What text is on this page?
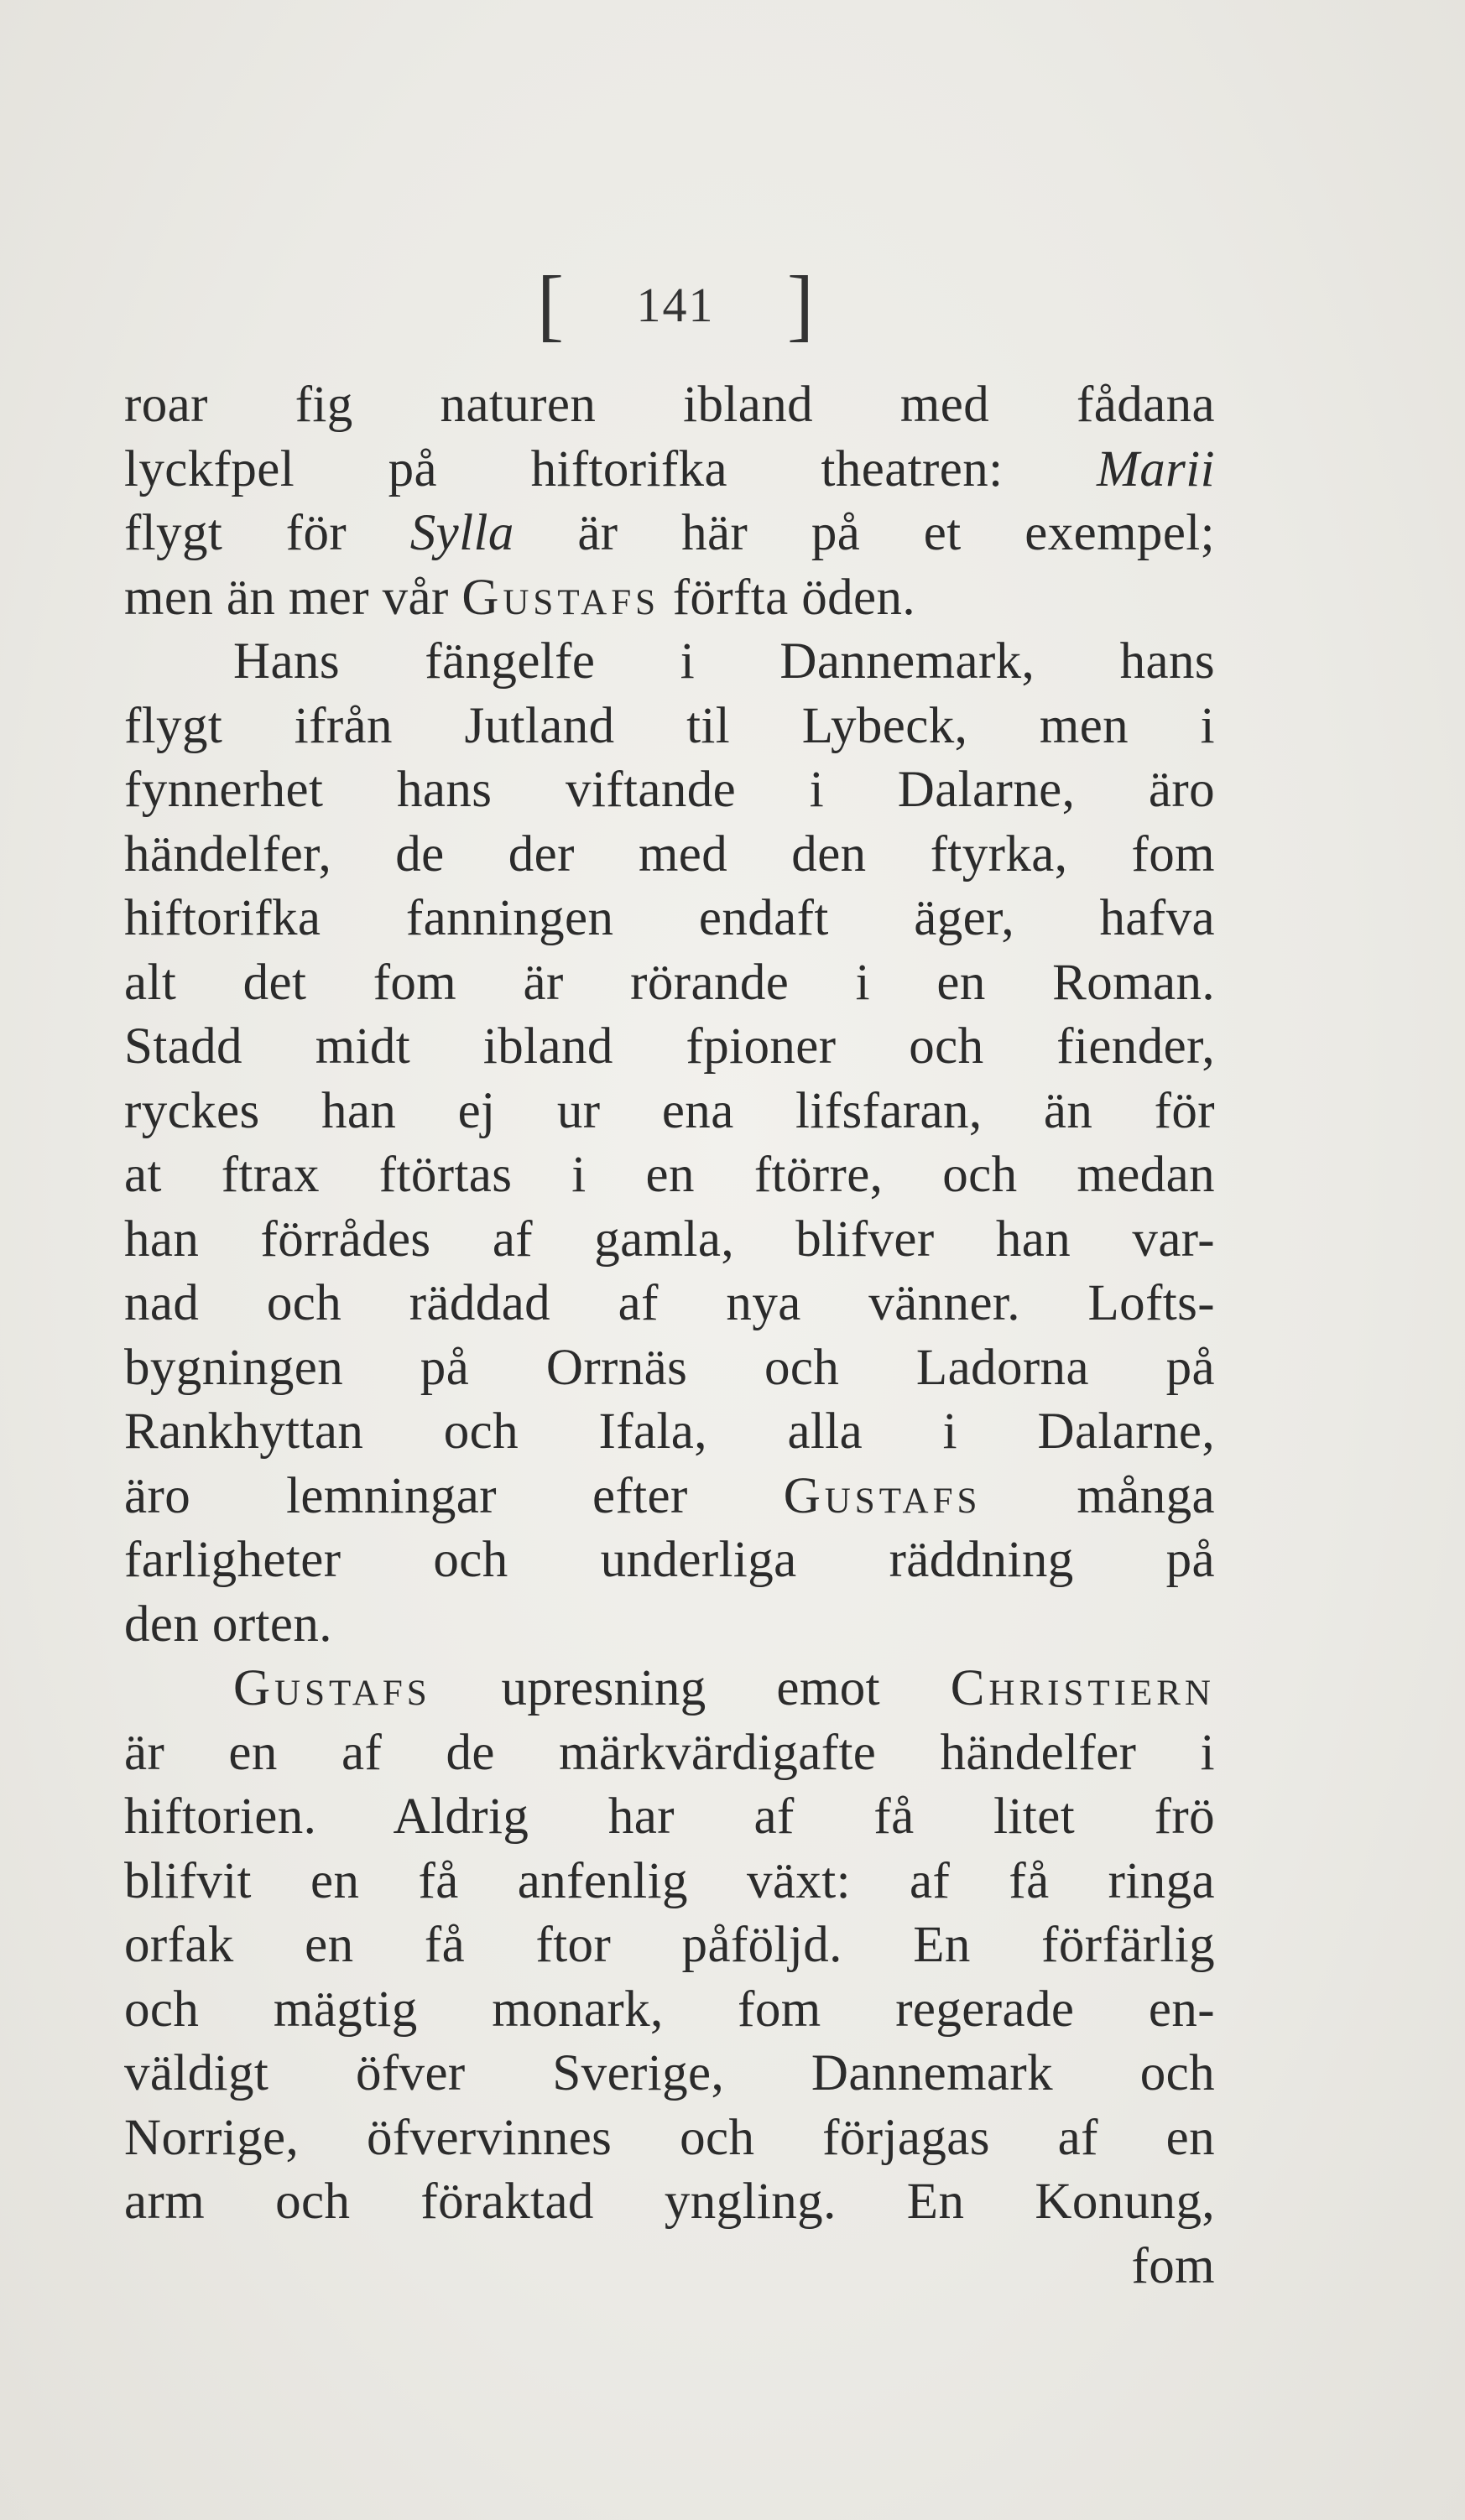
[ 141 ]
roar fig naturen ibland med fådana
lyckfpel på hiftorifka theatren: Marii
flygt för Sylla är här på et exempel;
men än mer vår Gustafs förfta öden.
Hans fängelfe i Dannemark, hans
flygt ifrån Jutland til Lybeck, men i
fynnerhet hans viftande i Dalarne, äro
händelfer, de der med den ftyrka, fom
hiftorifka fanningen endaft äger, hafva
alt det fom är rörande i en Roman.
Stadd midt ibland fpioner och fiender,
ryckes han ej ur ena lifsfaran, än för
at ftrax ftörtas i en ftörre, och medan
han förrådes af gamla, blifver han var-
nad och räddad af nya vänner. Lofts-
bygningen på Orrnäs och Ladorna på
Rankhyttan och Ifala, alla i Dalarne,
äro lemningar efter Gustafs många
farligheter och underliga räddning på
den orten.
Gustafs upresning emot Christiern
är en af de märkvärdigafte händelfer i
hiftorien. Aldrig har af få litet frö
blifvit en få anfenlig växt: af få ringa
orfak en få ftor påföljd. En förfärlig
och mägtig monark, fom regerade en-
väldigt öfver Sverige, Dannemark och
Norrige, öfvervinnes och förjagas af en
arm och föraktad yngling. En Konung,
fom
